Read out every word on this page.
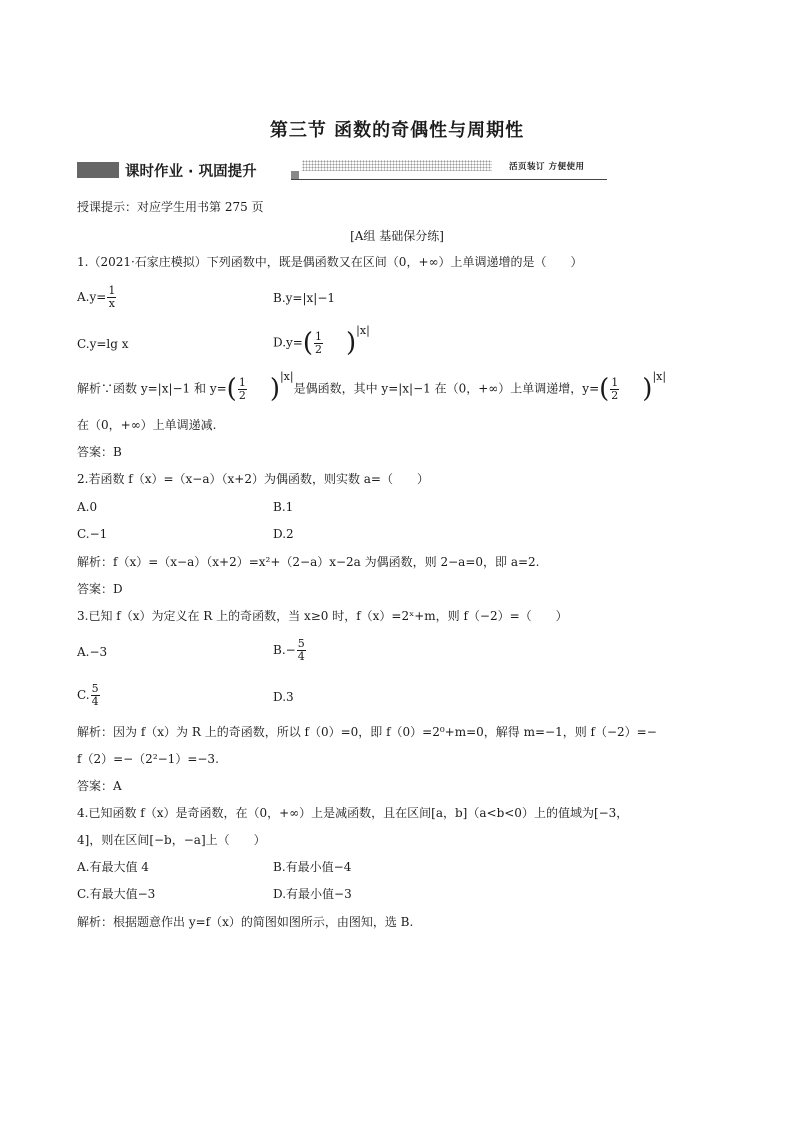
第三节 函数的奇偶性与周期性
课时作业 · 巩固提升	活页装订 方便使用
授课提示：对应学生用书第 275 页
[A组 基础保分练]
1.（2021·石家庄模拟）下列函数中，既是偶函数又在区间（0，+∞）上单调递增的是（　　）
$A.y= \frac{1}{x}$	B.y=|x|−1
C.y=lg x	$D.y=( \frac{1}{2} )|x|$
解析∵函数 y=|x|−1 和 $y=( \frac{1}{2} )|x|$是偶函数，其中 y=|x|−1 在（0，+∞）上单调递增，$y=( \frac{1}{2} )|x|$
在（0，+∞）上单调递减.
答案：B
2.若函数 f（x）=（x−a）（x+2）为偶函数，则实数 a=（　　）
A.0	B.1
C.−1	D.2
解析：f（x）=（x−a）（x+2）=x²+（2−a）x−2a 为偶函数，则 2−a=0，即 a=2.
答案：D
3.已知 f（x）为定义在 R 上的奇函数，当 x≥0 时，f（x）=2ˣ+m，则 f（−2）=（　　）
A.−3	$B.- \frac{5}{4}$
C. $\frac{5}{4}$	D.3
解析：因为 f（x）为 R 上的奇函数，所以 f（0）=0，即 f（0）=2⁰+m=0，解得 m=−1，则 f（−2）=−
f（2）=−（2²−1）=−3.
答案：A
4.已知函数 f（x）是奇函数，在（0，+∞）上是减函数，且在区间[a，b]（a<b<0）上的值域为[−3，
4]，则在区间[−b，−a]上（　　）
A.有最大值 4	B.有最小值−4
C.有最大值−3	D.有最小值−3
解析：根据题意作出 y=f（x）的简图如图所示，由图知，选 B.
